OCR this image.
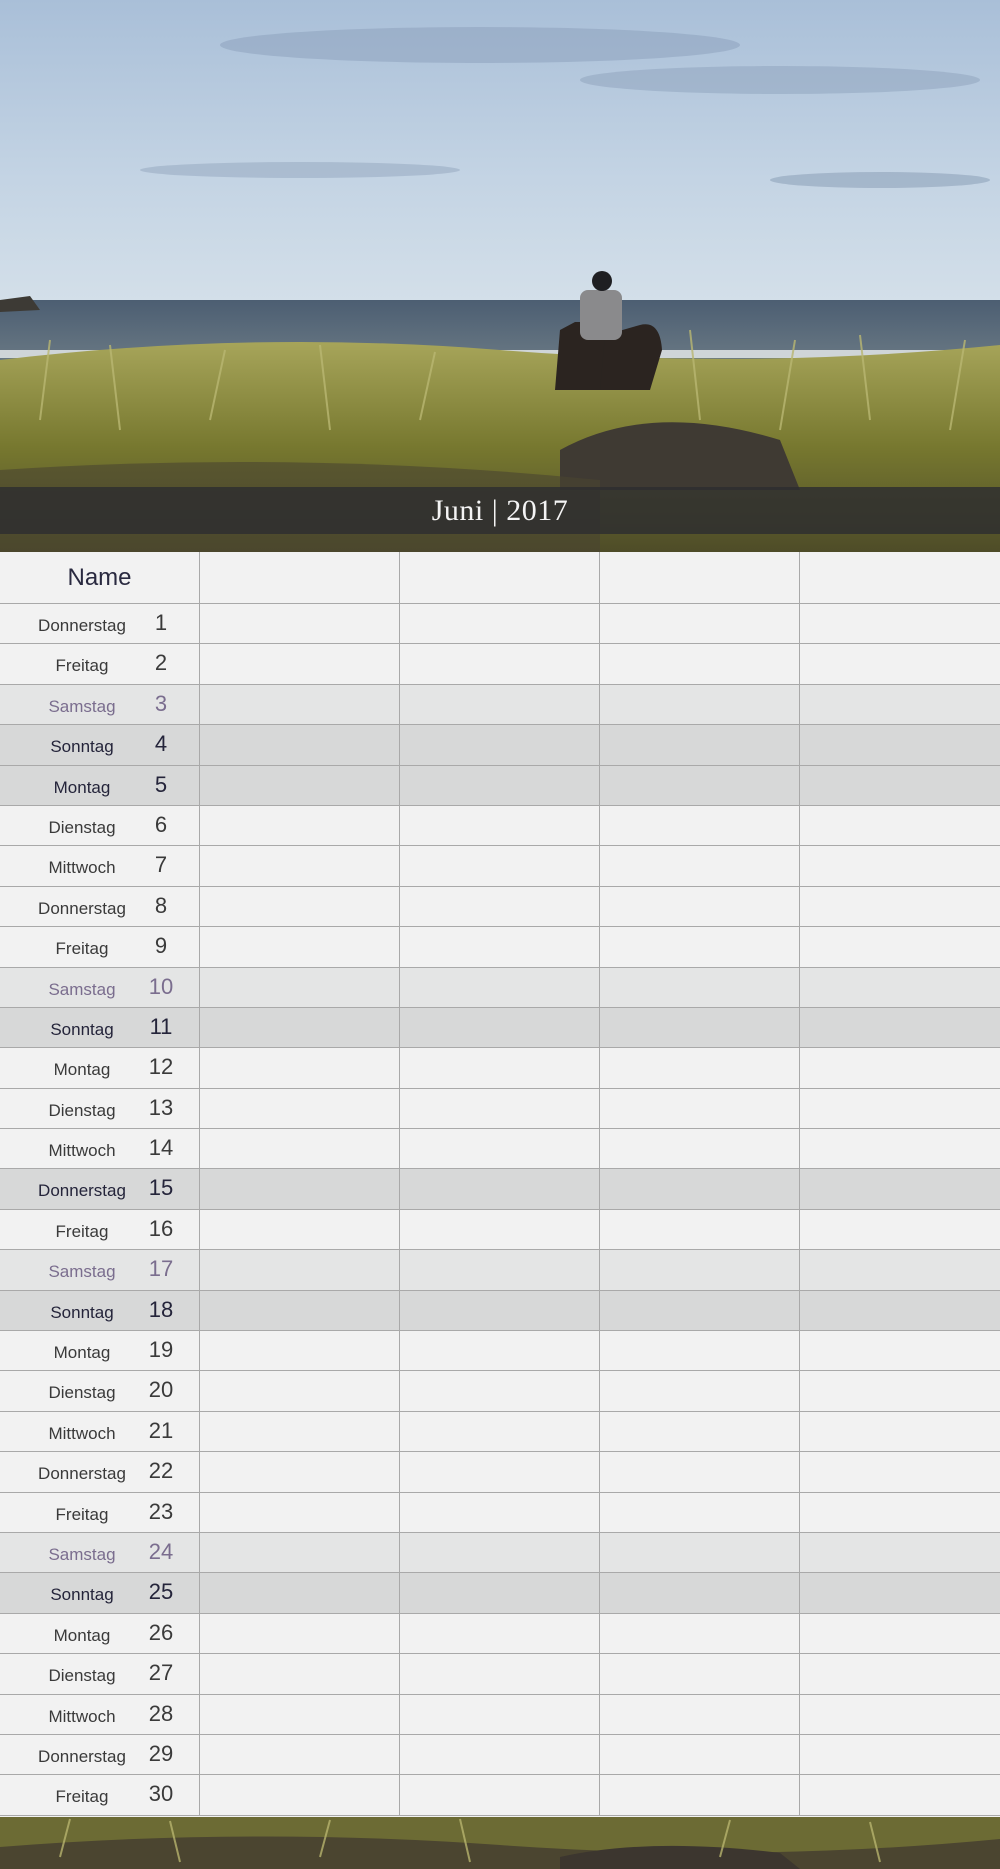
Juni | 2017
Name
Donnerstag	1
Freitag	2
Samstag	3
Sonntag	4
Montag	5
Dienstag	6
Mittwoch	7
Donnerstag	8
Freitag	9
Samstag	10
Sonntag	11
Montag	12
Dienstag	13
Mittwoch	14
Donnerstag	15
Freitag	16
Samstag	17
Sonntag	18
Montag	19
Dienstag	20
Mittwoch	21
Donnerstag	22
Freitag	23
Samstag	24
Sonntag	25
Montag	26
Dienstag	27
Mittwoch	28
Donnerstag	29
Freitag	30
